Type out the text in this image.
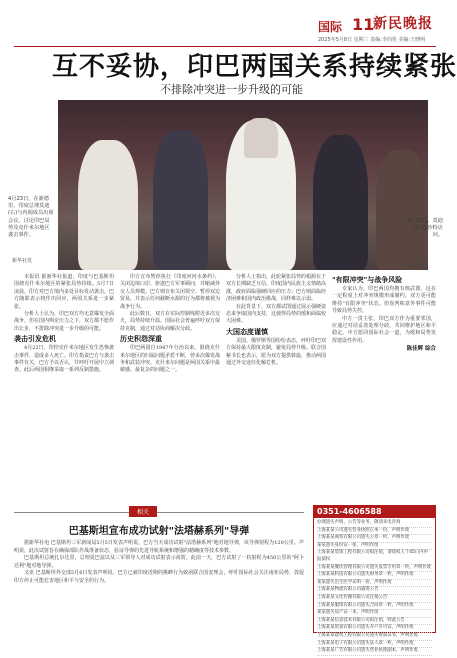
国际 11
新民晚报
2025年5月8日 星期三 责编:李尚伦 美编:王晓明
互不妥协，印巴两国关系持续紧张
不排除冲突进一步升级的可能
4月23日，在新德里，印度总理莫迪(右)与内阁成员出席会议，讨论印巴局势及克什米尔地区袭击事件。
新华社发
4月22日，莫迪(右)在沙特访问。
视频截图

本报讯 据新华社报道，印度与巴基斯坦围绕克什米尔地区的紧张局势持续。5月7日凌晨，印方对巴方境内多处目标发动袭击，巴方随即表示将作出回应，两国关系进一步紧张。

分析人士认为，印巴双方均无意爆发全面战争，但在国内舆论压力之下，双方都不愿作出让步，不排除冲突进一步升级的可能。

袭击引发危机

4月22日，印控克什米尔地区发生恐怖袭击事件，造成多人死亡。印方指责巴方与袭击事件有关，巴方予以否认，并呼吁开展中立调查。此后两国相继采取一系列反制措施。

印方宣布暂停执行《印度河河水条约》，关闭边境口岸，驱逐巴方军事顾问，并缩减外交人员规模。巴方则宣布关闭领空、暂停双边贸易，并表示任何截断水源的行为都将被视为战争行为。

此后数日，双方在实际控制线附近多次交火，局势持续升温。国际社会普遍呼吁双方保持克制，通过对话协商解决分歧。

历史积怨深重

印巴两国自1947年分治以来，围绕克什米尔地区的归属问题矛盾不断，曾多次爆发战争和武装冲突。克什米尔问题是两国关系中最敏感、最复杂的问题之一。

分析人士指出，此轮紧张局势的根源在于双方长期缺乏互信。印度国内民族主义情绪高涨，政府面临强硬回应的压力；巴方则面临经济困难和国内政治挑战，同样难以示弱。

在此背景下，双方都试图通过展示强硬姿态来争取国内支持，这使得局势的缓和面临较大困难。

大国态度谨慎

美国、俄罗斯等国纷纷表态，呼吁印巴双方保持最大限度克制，避免局势升级。联合国秘书长也表示，愿为双方提供斡旋，推动两国通过外交途径化解危机。

"有限冲突"与战争风险

专家认为，印巴两国均拥有核武器，这在一定程度上对冲突规模形成制约，双方更可能维持"有限冲突"状态。但误判和意外事件可能导致局势失控。

中方一贯主张，印巴双方作为重要邻国，应通过对话妥善处理分歧，共同维护地区和平稳定。中方愿同国际社会一道，为缓和局势发挥建设性作用。

陈佳辉 综合
相关
巴基斯坦宣布成功试射"法塔赫系列"导弹

据新华社电 巴基斯坦三军新闻局5月5日发表声明说，巴方当天成功试射"法塔赫系列"地对地导弹，该导弹射程为120公里。声明说，此次试射旨在确保部队作战准备状态，验证导弹的先进导航系统和增强的精确度等技术参数。

巴基斯坦总统扎尔达里、总理夏巴兹以及三军领导人对成功试射表示祝贺。此前一天，巴方试射了一枚射程为450公里的"阿卜达利"地对地导弹。

又讯 巴基斯坦外交部5月6日发表声明说，巴方已就印度近期的挑衅行为致函联合国安理会，呼吁国际社会关注南亚局势，敦促印方停止可能危害地区和平与安全的行为。

0351-4606588

办理遗失声明、公告等业务，敬请来电咨询

上海某某公司遗失营业执照正本一份，声明作废

上海某某商贸有限公司遗失公章一枚，声明作废

某某遗失身份证一张，声明作废

上海某某装饰工程有限公司拟注销，请债权人于45日内申报债权

上海某某餐饮管理有限公司遗失发票专用章一枚，声明作废

上海某某科技有限公司遗失财务章一枚，声明作废

某某遗失出生医学证明一份，声明作废

上海某某物流有限公司减资公告

上海某某文化传播有限公司注销公告

上海某某服饰有限公司遗失合同章一枚，声明作废

某某遗失房产证一本，声明作废

上海某某信息技术有限公司拟注销，特此公告

上海某某贸易有限公司遗失开户许可证，声明作废

上海某某建筑工程有限公司遗失资质证书，声明作废

上海某某电子有限公司遗失法人章一枚，声明作废

上海某某广告有限公司遗失营业执照副本，声明作废
